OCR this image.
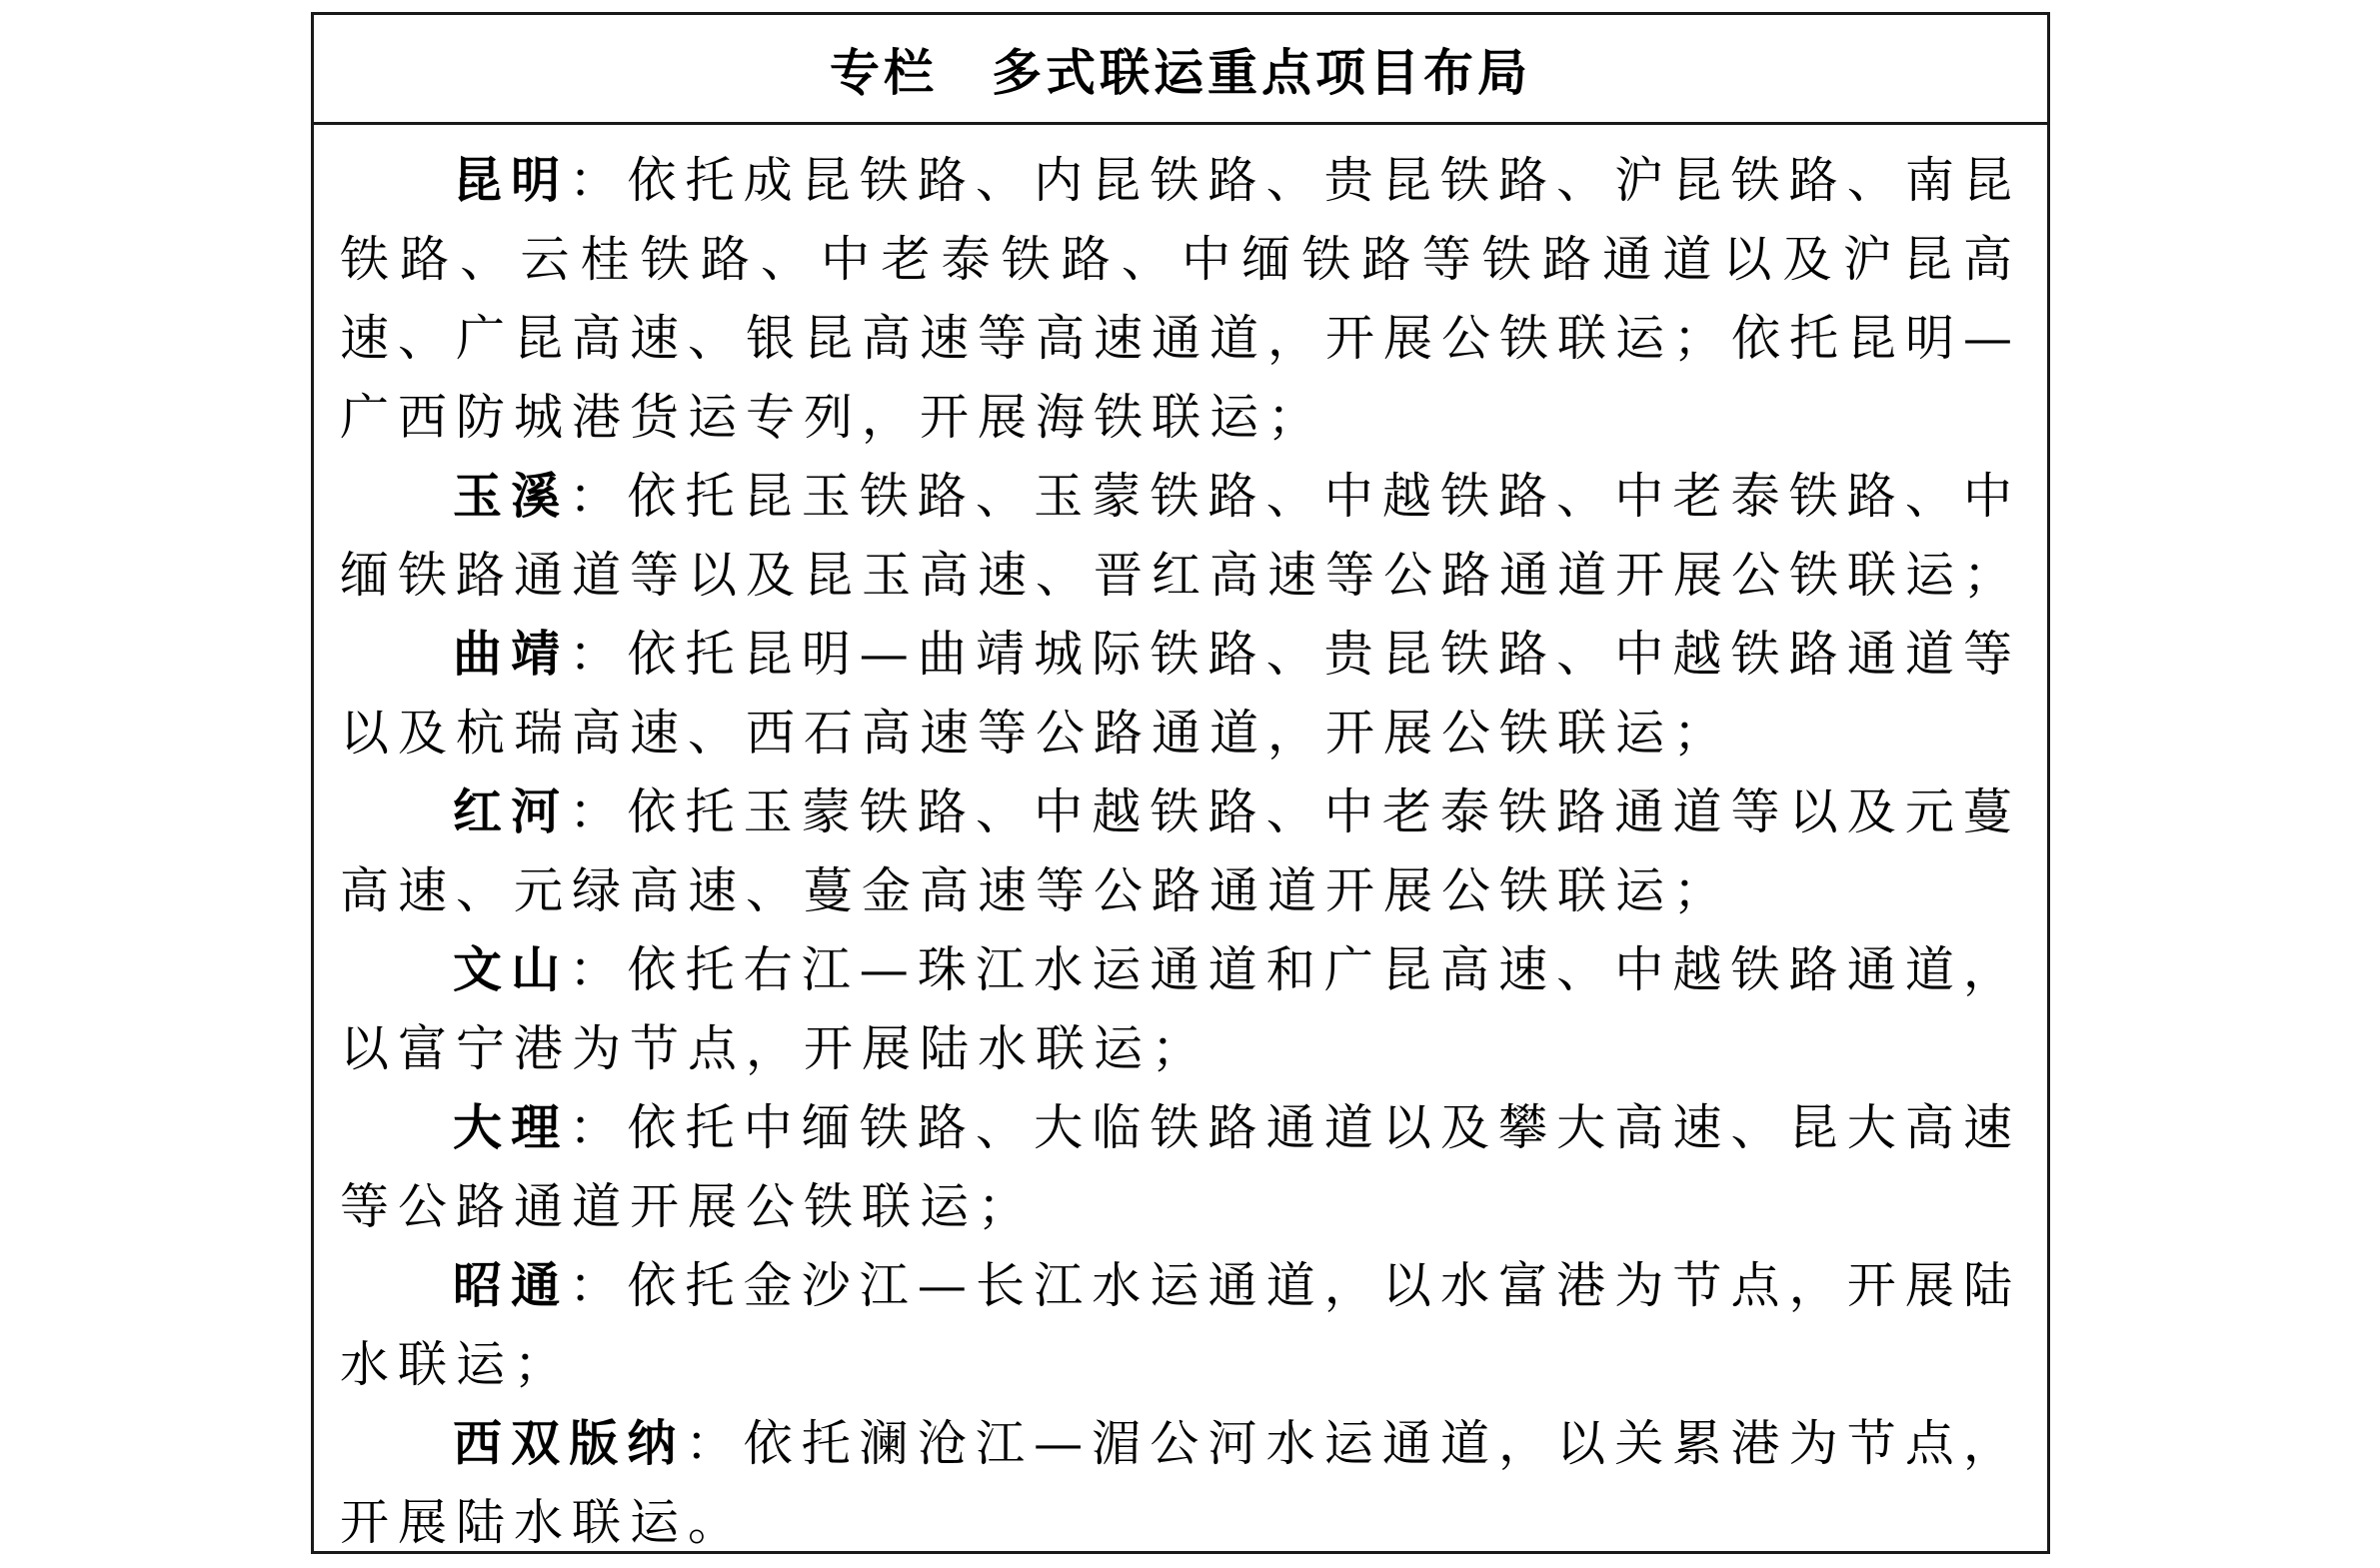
专栏　多式联运重点项目布局

昆明：依托成昆铁路、内昆铁路、贵昆铁路、沪昆铁路、南昆铁路、云桂铁路、中老泰铁路、中缅铁路等铁路通道以及沪昆高速、广昆高速、银昆高速等高速通道，开展公铁联运；依托昆明—广西防城港货运专列，开展海铁联运；

玉溪：依托昆玉铁路、玉蒙铁路、中越铁路、中老泰铁路、中缅铁路通道等以及昆玉高速、晋红高速等公路通道开展公铁联运；

曲靖：依托昆明—曲靖城际铁路、贵昆铁路、中越铁路通道等以及杭瑞高速、西石高速等公路通道，开展公铁联运；

红河：依托玉蒙铁路、中越铁路、中老泰铁路通道等以及元蔓高速、元绿高速、蔓金高速等公路通道开展公铁联运；

文山：依托右江—珠江水运通道和广昆高速、中越铁路通道，以富宁港为节点，开展陆水联运；

大理：依托中缅铁路、大临铁路通道以及攀大高速、昆大高速等公路通道开展公铁联运；

昭通：依托金沙江—长江水运通道，以水富港为节点，开展陆水联运；

西双版纳：依托澜沧江—湄公河水运通道，以关累港为节点，开展陆水联运。
